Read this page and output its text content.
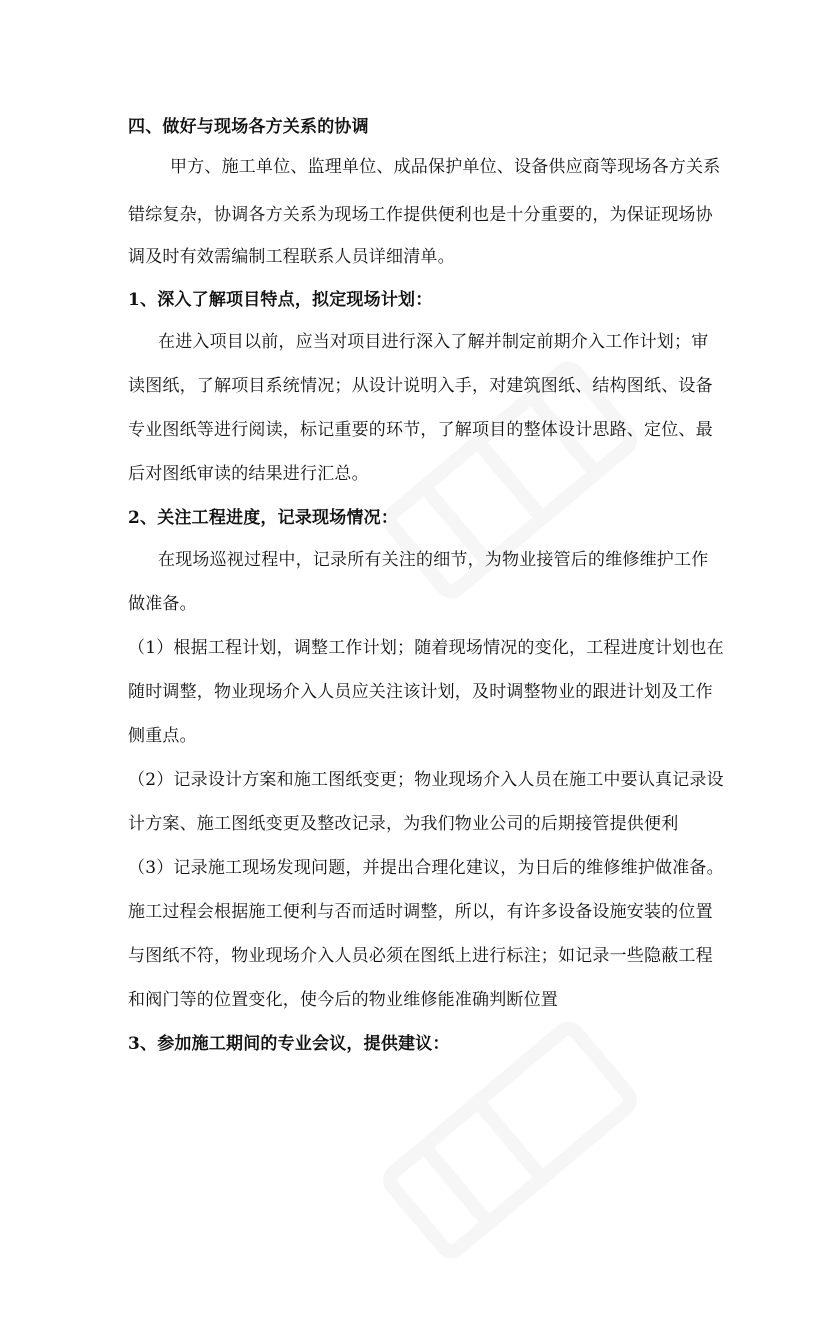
四、做好与现场各方关系的协调
甲方、施工单位、监理单位、成品保护单位、设备供应商等现场各方关系
错综复杂，协调各方关系为现场工作提供便利也是十分重要的，为保证现场协
调及时有效需编制工程联系人员详细清单。
1、深入了解项目特点，拟定现场计划：
在进入项目以前，应当对项目进行深入了解并制定前期介入工作计划；审
读图纸，了解项目系统情况；从设计说明入手，对建筑图纸、结构图纸、设备
专业图纸等进行阅读，标记重要的环节，了解项目的整体设计思路、定位、最
后对图纸审读的结果进行汇总。
2、关注工程进度，记录现场情况：
在现场巡视过程中，记录所有关注的细节，为物业接管后的维修维护工作
做准备。
（1）根据工程计划，调整工作计划；随着现场情况的变化，工程进度计划也在
随时调整，物业现场介入人员应关注该计划，及时调整物业的跟进计划及工作
侧重点。
（2）记录设计方案和施工图纸变更；物业现场介入人员在施工中要认真记录设
计方案、施工图纸变更及整改记录，为我们物业公司的后期接管提供便利
（3）记录施工现场发现问题，并提出合理化建议，为日后的维修维护做准备。
施工过程会根据施工便利与否而适时调整，所以，有许多设备设施安装的位置
与图纸不符，物业现场介入人员必须在图纸上进行标注；如记录一些隐蔽工程
和阀门等的位置变化，使今后的物业维修能准确判断位置
3、参加施工期间的专业会议，提供建议：
